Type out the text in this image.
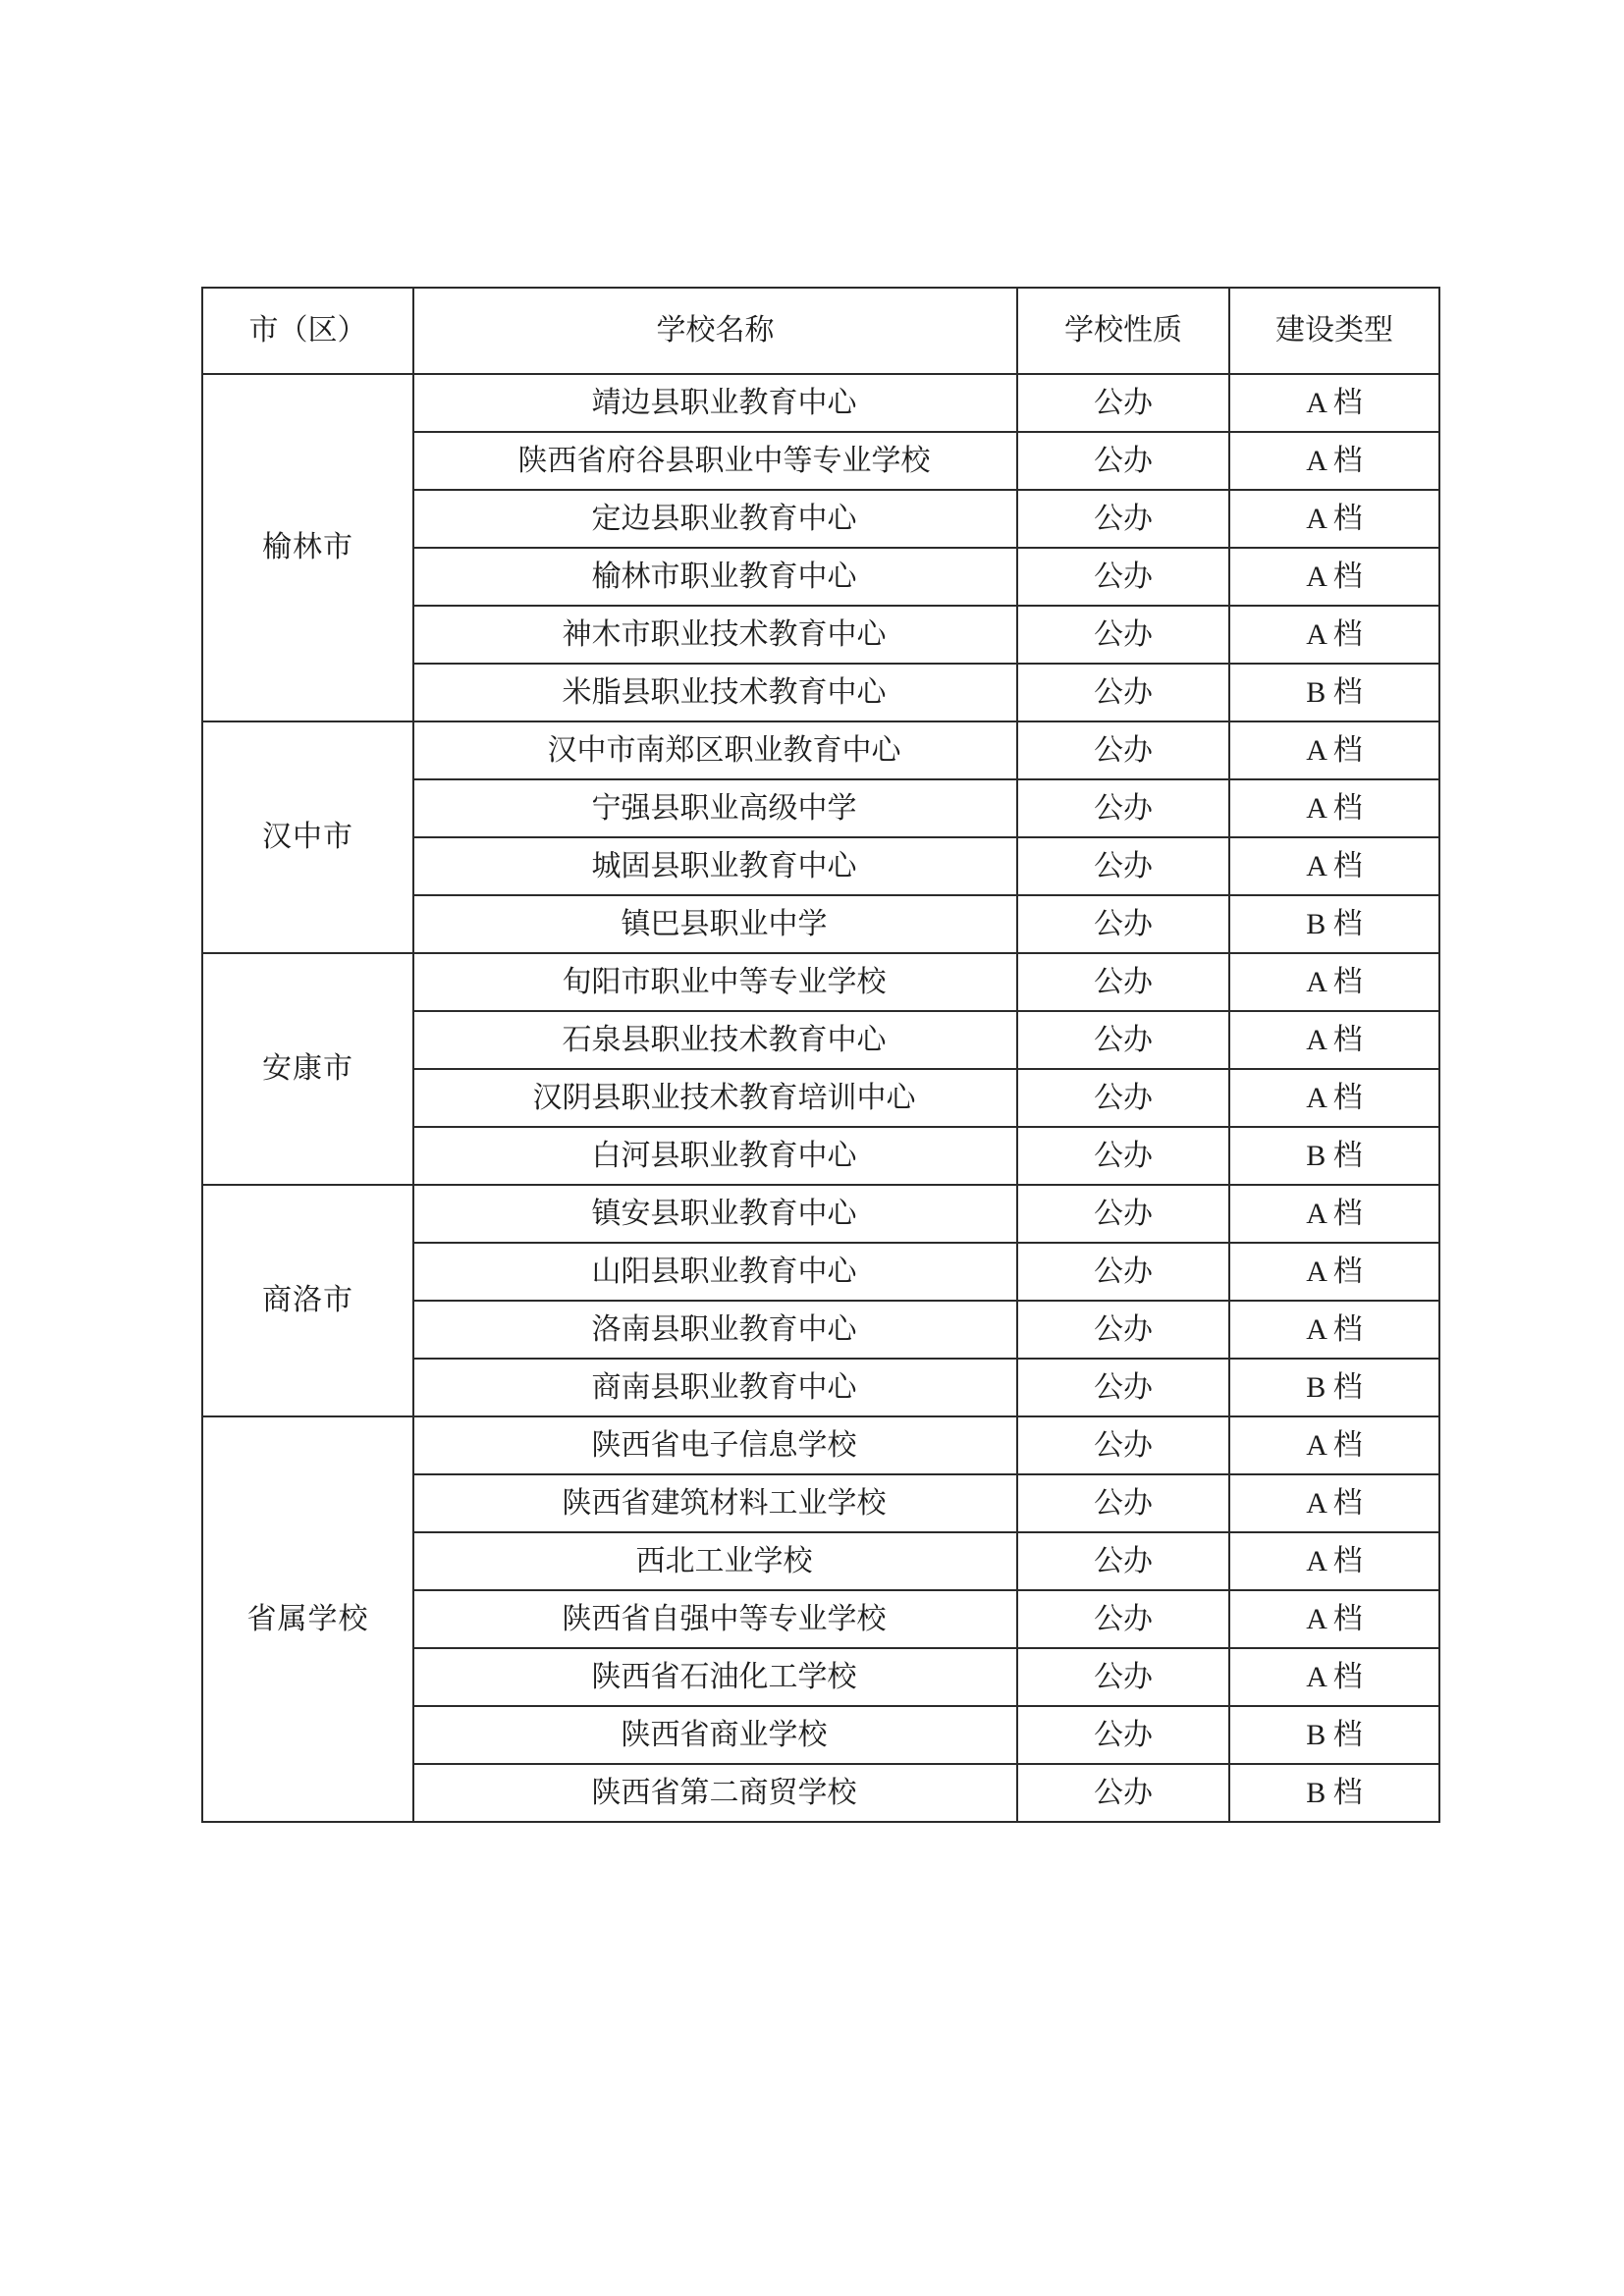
市（区）	学校名称	学校性质	建设类型
榆林市	靖边县职业教育中心	公办	A 档
	陕西省府谷县职业中等专业学校	公办	A 档
	定边县职业教育中心	公办	A 档
	榆林市职业教育中心	公办	A 档
	神木市职业技术教育中心	公办	A 档
	米脂县职业技术教育中心	公办	B 档
汉中市	汉中市南郑区职业教育中心	公办	A 档
	宁强县职业高级中学	公办	A 档
	城固县职业教育中心	公办	A 档
	镇巴县职业中学	公办	B 档
安康市	旬阳市职业中等专业学校	公办	A 档
	石泉县职业技术教育中心	公办	A 档
	汉阴县职业技术教育培训中心	公办	A 档
	白河县职业教育中心	公办	B 档
商洛市	镇安县职业教育中心	公办	A 档
	山阳县职业教育中心	公办	A 档
	洛南县职业教育中心	公办	A 档
	商南县职业教育中心	公办	B 档
省属学校	陕西省电子信息学校	公办	A 档
	陕西省建筑材料工业学校	公办	A 档
	西北工业学校	公办	A 档
	陕西省自强中等专业学校	公办	A 档
	陕西省石油化工学校	公办	A 档
	陕西省商业学校	公办	B 档
	陕西省第二商贸学校	公办	B 档
